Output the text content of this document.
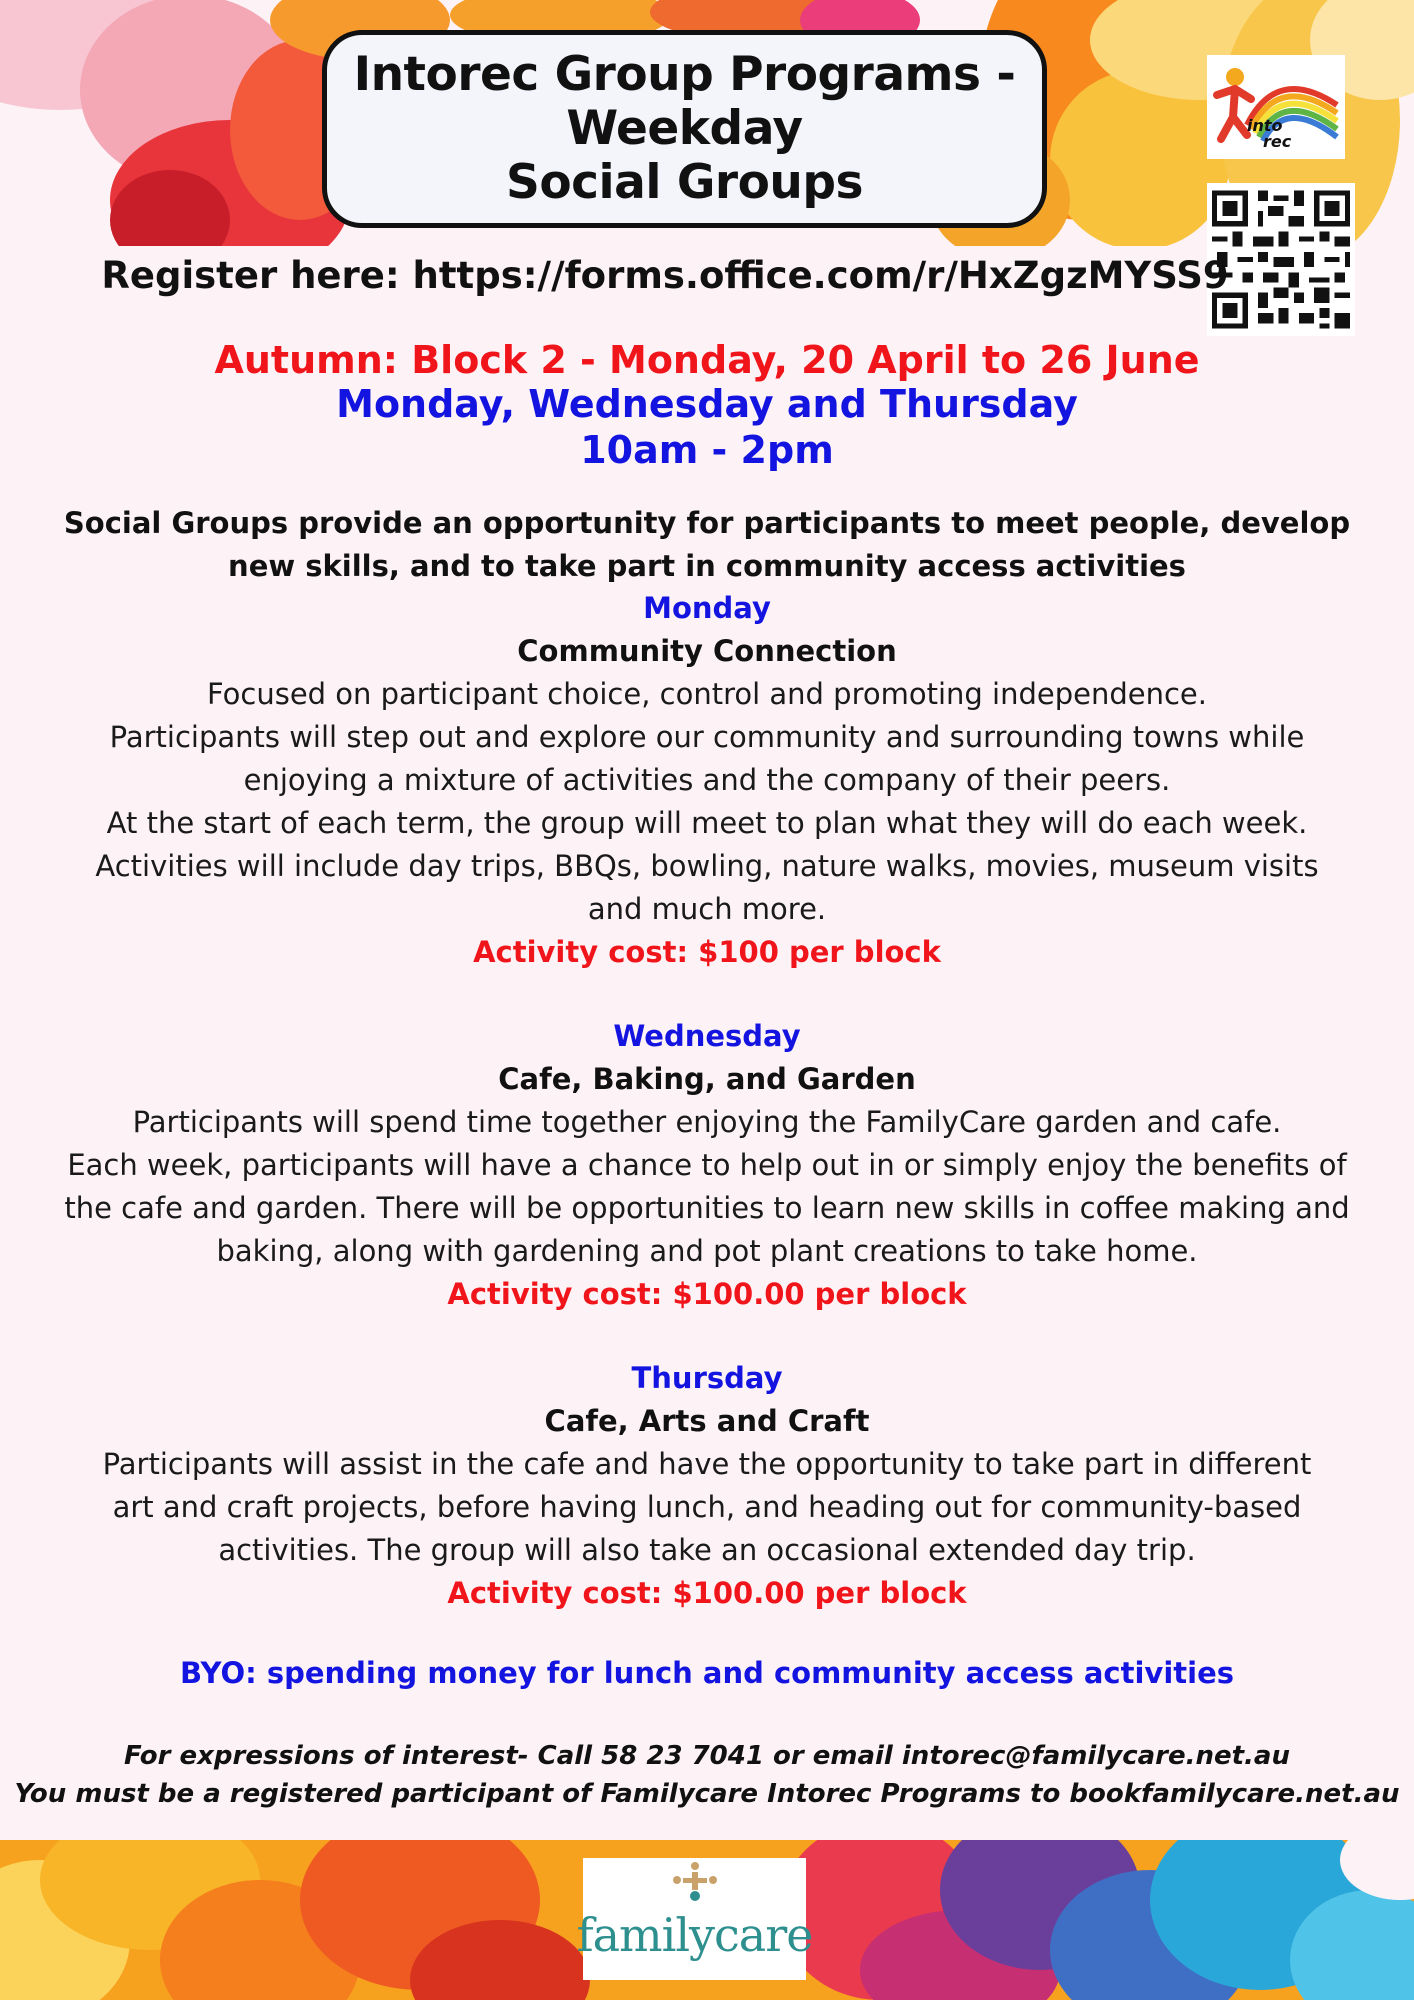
Intorec Group Programs -
Weekday
Social Groups
into
rec
Register here: https://forms.office.com/r/HxZgzMYSS9
Autumn: Block 2 - Monday, 20 April to 26 June
Monday, Wednesday and Thursday
10am - 2pm
Social Groups provide an opportunity for participants to meet people, develop new skills, and to take part in community access activities
Monday
Community Connection
Focused on participant choice, control and promoting independence.
Participants will step out and explore our community and surrounding towns while enjoying a mixture of activities and the company of their peers.
At the start of each term, the group will meet to plan what they will do each week.
Activities will include day trips, BBQs, bowling, nature walks, movies, museum visits and much more.
Activity cost: $100 per block
Wednesday
Cafe, Baking, and Garden
Participants will spend time together enjoying the FamilyCare garden and cafe.
Each week, participants will have a chance to help out in or simply enjoy the benefits of the cafe and garden. There will be opportunities to learn new skills in coffee making and baking, along with gardening and pot plant creations to take home.
Activity cost: $100.00 per block
Thursday
Cafe, Arts and Craft
Participants will assist in the cafe and have the opportunity to take part in different art and craft projects, before having lunch, and heading out for community-based activities. The group will also take an occasional extended day trip.
Activity cost: $100.00 per block
BYO: spending money for lunch and community access activities
For expressions of interest- Call 58 23 7041 or email intorec@familycare.net.au
You must be a registered participant of Familycare Intorec Programs to bookfamilycare.net.au
familycare
